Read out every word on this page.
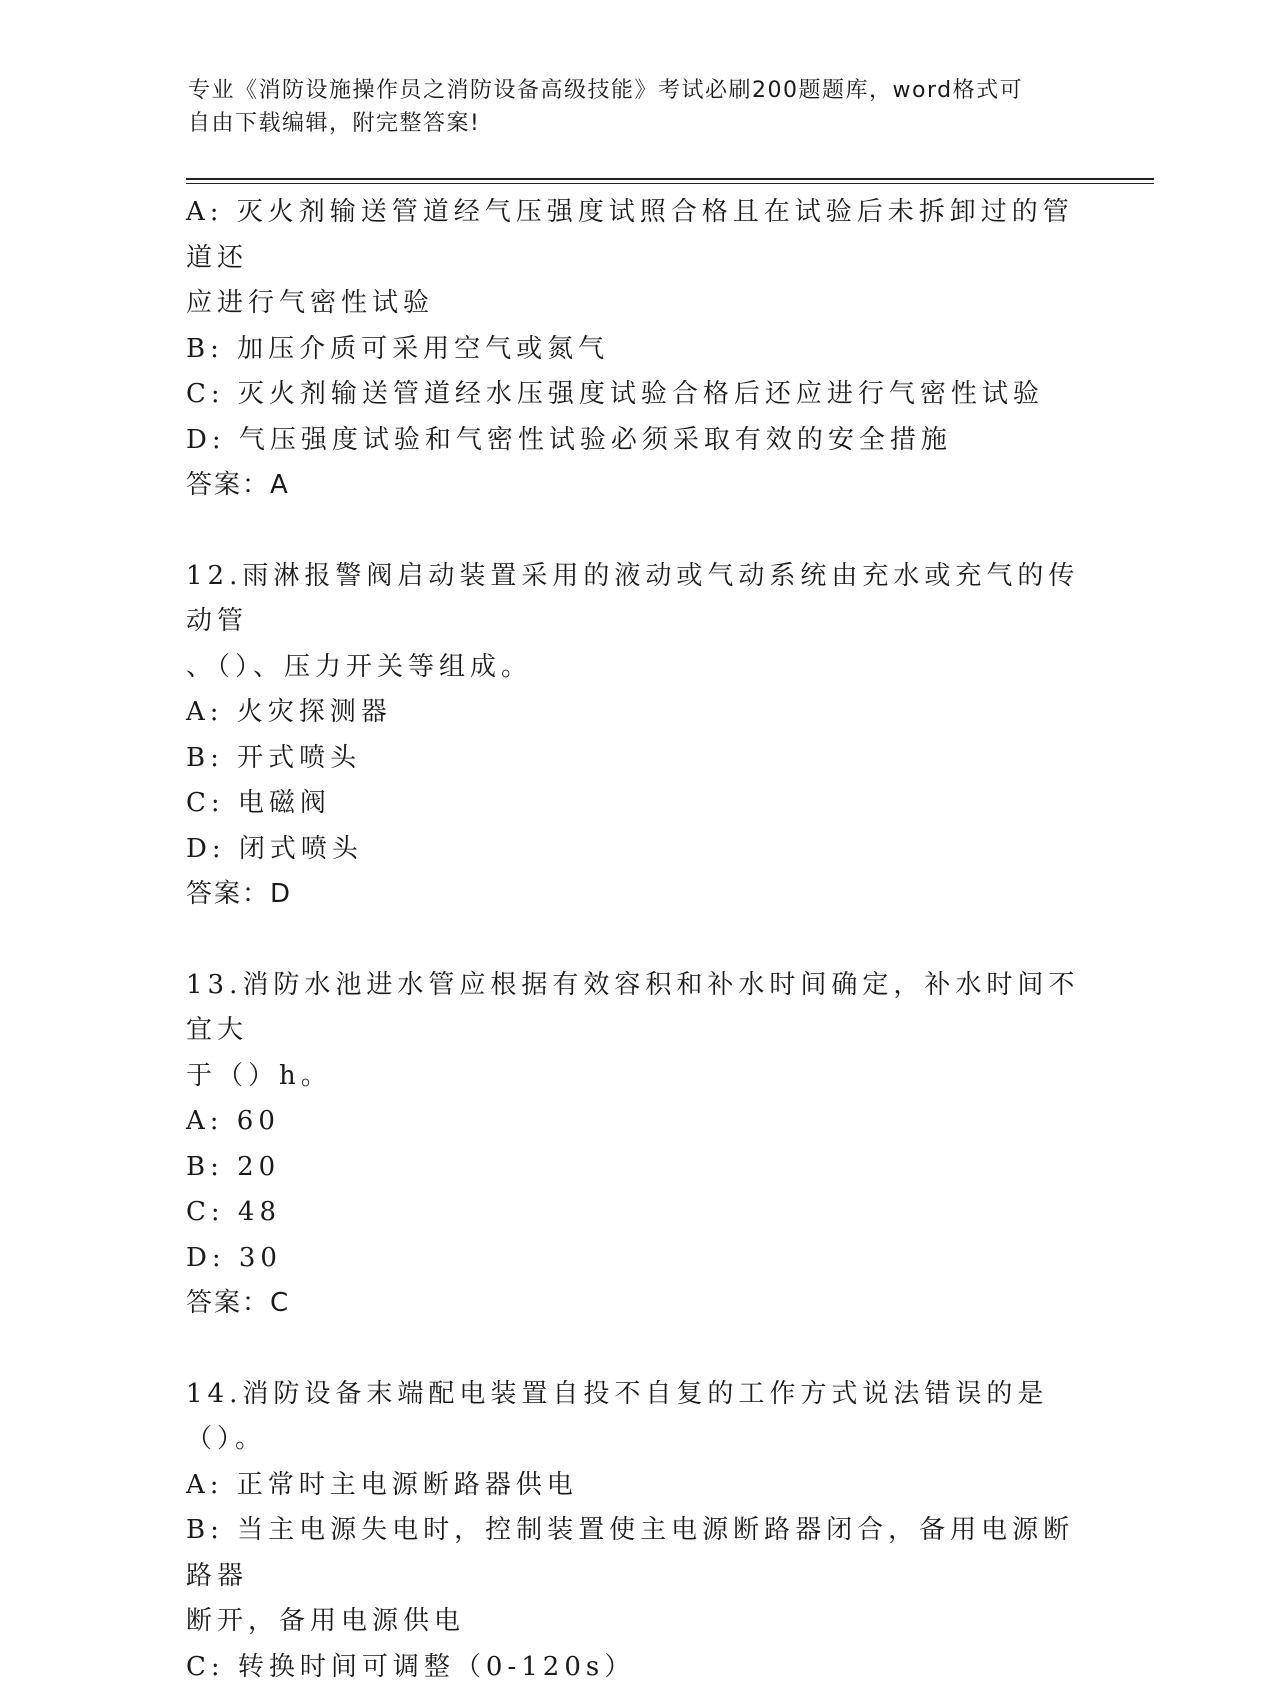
专业《消防设施操作员之消防设备高级技能》考试必刷200题题库，word格式可
自由下载编辑，附完整答案!
A: 灭火剂输送管道经气压强度试照合格且在试验后未拆卸过的管道还
应进行气密性试验
B: 加压介质可采用空气或氮气
C: 灭火剂输送管道经水压强度试验合格后还应进行气密性试验
D: 气压强度试验和气密性试验必须采取有效的安全措施
答案：A
12.雨淋报警阀启动装置采用的液动或气动系统由充水或充气的传动管
、（）、压力开关等组成。
A: 火灾探测器
B: 开式喷头
C: 电磁阀
D: 闭式喷头
答案：D
13.消防水池进水管应根据有效容积和补水时间确定，补水时间不宜大
于（）h。
A: 60
B: 20
C: 48
D: 30
答案：C
14.消防设备末端配电装置自投不自复的工作方式说法错误的是（）。
A: 正常时主电源断路器供电
B: 当主电源失电时，控制装置使主电源断路器闭合，备用电源断路器
断开，备用电源供电
C: 转换时间可调整（0-120s）
